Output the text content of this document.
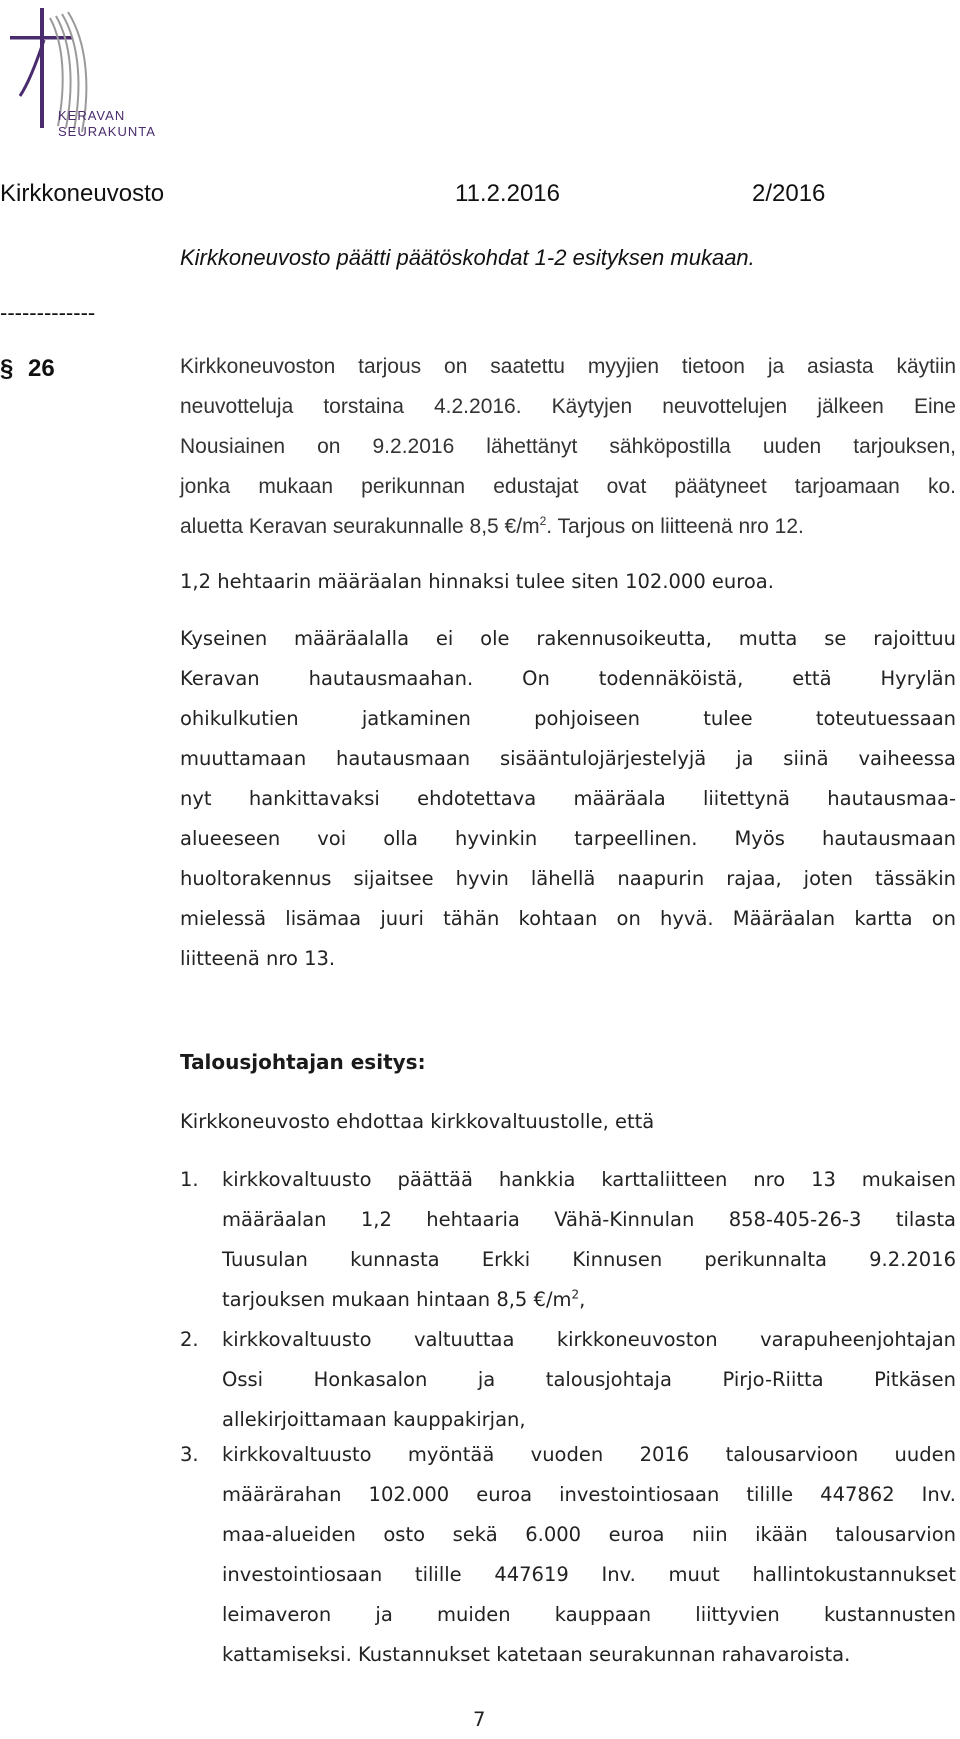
KERAVAN
SEURAKUNTA
Kirkkoneuvosto	11.2.2016	2/2016
Kirkkoneuvosto päätti päätöskohdat 1-2 esityksen mukaan.
-------------
§ 26	Kirkkoneuvoston tarjous on saatettu myyjien tietoon ja asiasta käytiin
neuvotteluja torstaina 4.2.2016. Käytyjen neuvottelujen jälkeen Eine
Nousiainen on 9.2.2016 lähettänyt sähköpostilla uuden tarjouksen,
jonka mukaan perikunnan edustajat ovat päätyneet tarjoamaan ko.
aluetta Keravan seurakunnalle 8,5 $€/m^2$. Tarjous on liitteenä nro 12.
1,2 hehtaarin määräalan hinnaksi tulee siten 102.000 euroa.
Kyseinen määräalalla ei ole rakennusoikeutta, mutta se rajoittuu
Keravan hautausmaahan. On todennäköistä, että Hyrylän
ohikulkutien jatkaminen pohjoiseen tulee toteutuessaan
muuttamaan hautausmaan sisääntulojärjestelyjä ja siinä vaiheessa
nyt hankittavaksi ehdotettava määräala liitettynä hautausmaa-
alueeseen voi olla hyvinkin tarpeellinen. Myös hautausmaan
huoltorakennus sijaitsee hyvin lähellä naapurin rajaa, joten tässäkin
mielessä lisämaa juuri tähän kohtaan on hyvä. Määräalan kartta on
liitteenä nro 13.
Talousjohtajan esitys:
Kirkkoneuvosto ehdottaa kirkkovaltuustolle, että
1. kirkkovaltuusto päättää hankkia karttaliitteen nro 13 mukaisen
määräalan 1,2 hehtaaria Vähä-Kinnulan 858-405-26-3 tilasta
Tuusulan kunnasta Erkki Kinnusen perikunnalta 9.2.2016
tarjouksen mukaan hintaan 8,5 $€/m^2$,
2. kirkkovaltuusto valtuuttaa kirkkoneuvoston varapuheenjohtajan
Ossi Honkasalon ja talousjohtaja Pirjo-Riitta Pitkäsen
allekirjoittamaan kauppakirjan,
3. kirkkovaltuusto myöntää vuoden 2016 talousarvioon uuden
määrärahan 102.000 euroa investointiosaan tilille 447862 Inv.
maa-alueiden osto sekä 6.000 euroa niin ikään talousarvion
investointiosaan tilille 447619 Inv. muut hallintokustannukset
leimaveron ja muiden kauppaan liittyvien kustannusten
kattamiseksi. Kustannukset katetaan seurakunnan rahavaroista.
7
